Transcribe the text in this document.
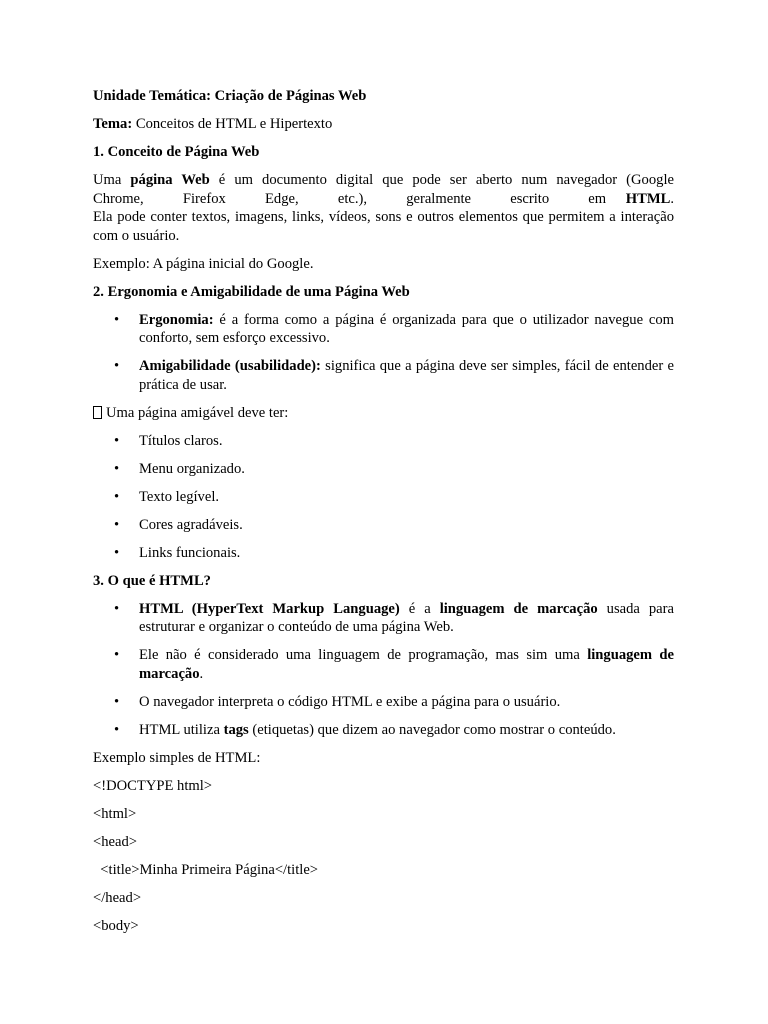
Unidade Temática: Criação de Páginas Web

Tema: Conceitos de HTML e Hipertexto

1. Conceito de Página Web

Uma página Web é um documento digital que pode ser aberto num navegador (Google
Chrome,  Firefox  Edge,  etc.),  geralmente  escrito  em HTML.
Ela pode conter textos, imagens, links, vídeos, sons e outros elementos que permitem a interação com o usuário.

Exemplo: A página inicial do Google.

2. Ergonomia e Amigabilidade de uma Página Web

• Ergonomia: é a forma como a página é organizada para que o utilizador navegue com conforto, sem esforço excessivo.
• Amigabilidade (usabilidade): significa que a página deve ser simples, fácil de entender e prática de usar.

Uma página amigável deve ter:

• Títulos claros.
• Menu organizado.
• Texto legível.
• Cores agradáveis.
• Links funcionais.

3. O que é HTML?

• HTML (HyperText Markup Language) é a linguagem de marcação usada para estruturar e organizar o conteúdo de uma página Web.
• Ele não é considerado uma linguagem de programação, mas sim uma linguagem de marcação.
• O navegador interpreta o código HTML e exibe a página para o usuário.
• HTML utiliza tags (etiquetas) que dizem ao navegador como mostrar o conteúdo.

Exemplo simples de HTML:

<!DOCTYPE html>

<html>

<head>

<title>Minha Primeira Página</title>

</head>

<body>
